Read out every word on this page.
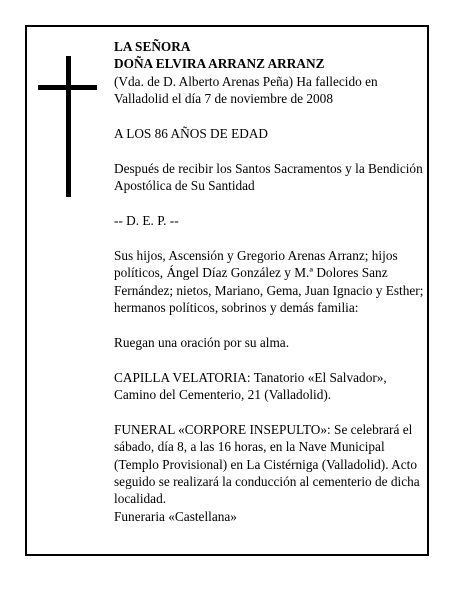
LA SEÑORA

DOÑA ELVIRA ARRANZ ARRANZ

(Vda. de D. Alberto Arenas Peña) Ha fallecido en Valladolid el día 7 de noviembre de 2008

A LOS 86 AÑOS DE EDAD

Después de recibir los Santos Sacramentos y la Bendición Apostólica de Su Santidad

-- D. E. P. --

Sus hijos, Ascensión y Gregorio Arenas Arranz; hijos políticos, Ángel Díaz González y M.ª Dolores Sanz Fernández; nietos, Mariano, Gema, Juan Ignacio y Esther; hermanos políticos, sobrinos y demás familia:

Ruegan una oración por su alma.

CAPILLA VELATORIA: Tanatorio «El Salvador», Camino del Cementerio, 21 (Valladolid).

FUNERAL «CORPORE INSEPULTO»: Se celebrará el sábado, día 8, a las 16 horas, en la Nave Municipal (Templo Provisional) en La Cistérniga (Valladolid). Acto seguido se realizará la conducción al cementerio de dicha localidad.

Funeraria «Castellana»
